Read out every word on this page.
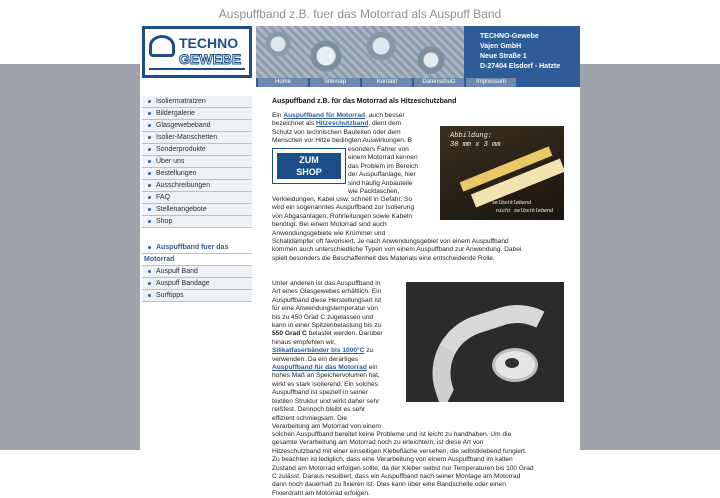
Auspuffband z.B. fuer das Motorrad als Auspuff Band
TECHNO
GEWEBE
TECHNO-Gewebe
Vajen GmbH
Neue Straße 1
D-27404 Elsdorf - Hatzte
Home	Sitemap	Kontakt	Datenschutz	Impressum
Isoliermatratzen
Bildergalerie
Glasgewebeband
Isolier-Manschetten
Sonderprodukte
Über uns
Bestellungen
Ausschreibungen
FAQ
Stellenangebote
Shop
Auspuffband fuer das
Motorrad
Auspuff Band
Auspuff Bandage
Surftipps
Auspuffband z.B. für das Motorrad als Hitzeschutzband
Abbildung:
30 mm x 3 mm
selbstklebend
nicht selbstklebend
ZUM
SHOP
Ein Auspuffband für Motorrad, auch besser
bezeichnet als Hitzeschutzband, dient dem
Schutz von technischen Bauteilen oder dem
Menschen vor Hitze bedingten Auswirkungen. B
esonders Fahrer von
einem Motorrad kennen
das Problem im Bereich
der Auspuffanlage, hier
sind häufig Anbauteile
wie Packtaschen,
Verkleidungen, Kabel usw. schnell in Gefahr. So
wird ein sogenanntes Auspuffband zur Isolierung
von Abgasanlagen, Rohrleitungen sowie Kabeln
benötigt. Bei einem Motorrad sind auch
Anwendungsgebiete wie Krümmer und
Schalldämpfer oft favorisiert. Je nach Anwendungsgebiet von einem Auspuffband
kommen auch unterschiedliche Typen von einem Auspuffband zur Anwendung. Dabei
spielt besonders die Beschaffenheit des Materials eine entscheidende Rolle.
Unter anderen ist das Auspuffband in
Art eines Glasgewebes erhältlich. Ein
Auspuffband diese Herstellungsart ist
für eine Anwendungstemperatur von
bis zu 450 Grad C zugelassen und
kann in einer Spitzenbelastung bis zu
550 Grad C belastet werden. Darüber
hinaus empfehlen wir,
Silikatfaserbänder bis 1000°C zu
verwenden. Da ein derartiges
Auspuffband für das Motorrad ein
hohes Maß an Speichervolumen hat,
wirkt es stark isolierend. Ein solches
Auspuffband ist speziell in seiner
textilen Struktur und wirkt daher sehr
reißfest. Dennoch bleibt es sehr
effizient schmiegsam. Die
Verarbeitung am Motorrad von einem
solchen Auspuffband bereitet keine Probleme und ist leicht zu handhaben. Um die
gesamte Verarbeitung am Motorrad noch zu erleichtern, ist diese Art von
Hitzeschutzband mit einer einseitigen Klebefläche versehen, die selbstklebend fungiert.
Zu beachten ist lediglich, dass eine Verarbeitung von einem Auspuffband im kalten
Zustand am Motorrad erfolgen sollte, da der Kleber selbst nur Temperaturen bis 100 Grad
C zulässt. Daraus resultiert, dass ein Auspuffband nach seiner Montage am Motorrad
dann noch dauerhaft zu fixieren ist. Dies kann über eine Bandschelle oder einen
Fixierdraht am Motorrad erfolgen.
